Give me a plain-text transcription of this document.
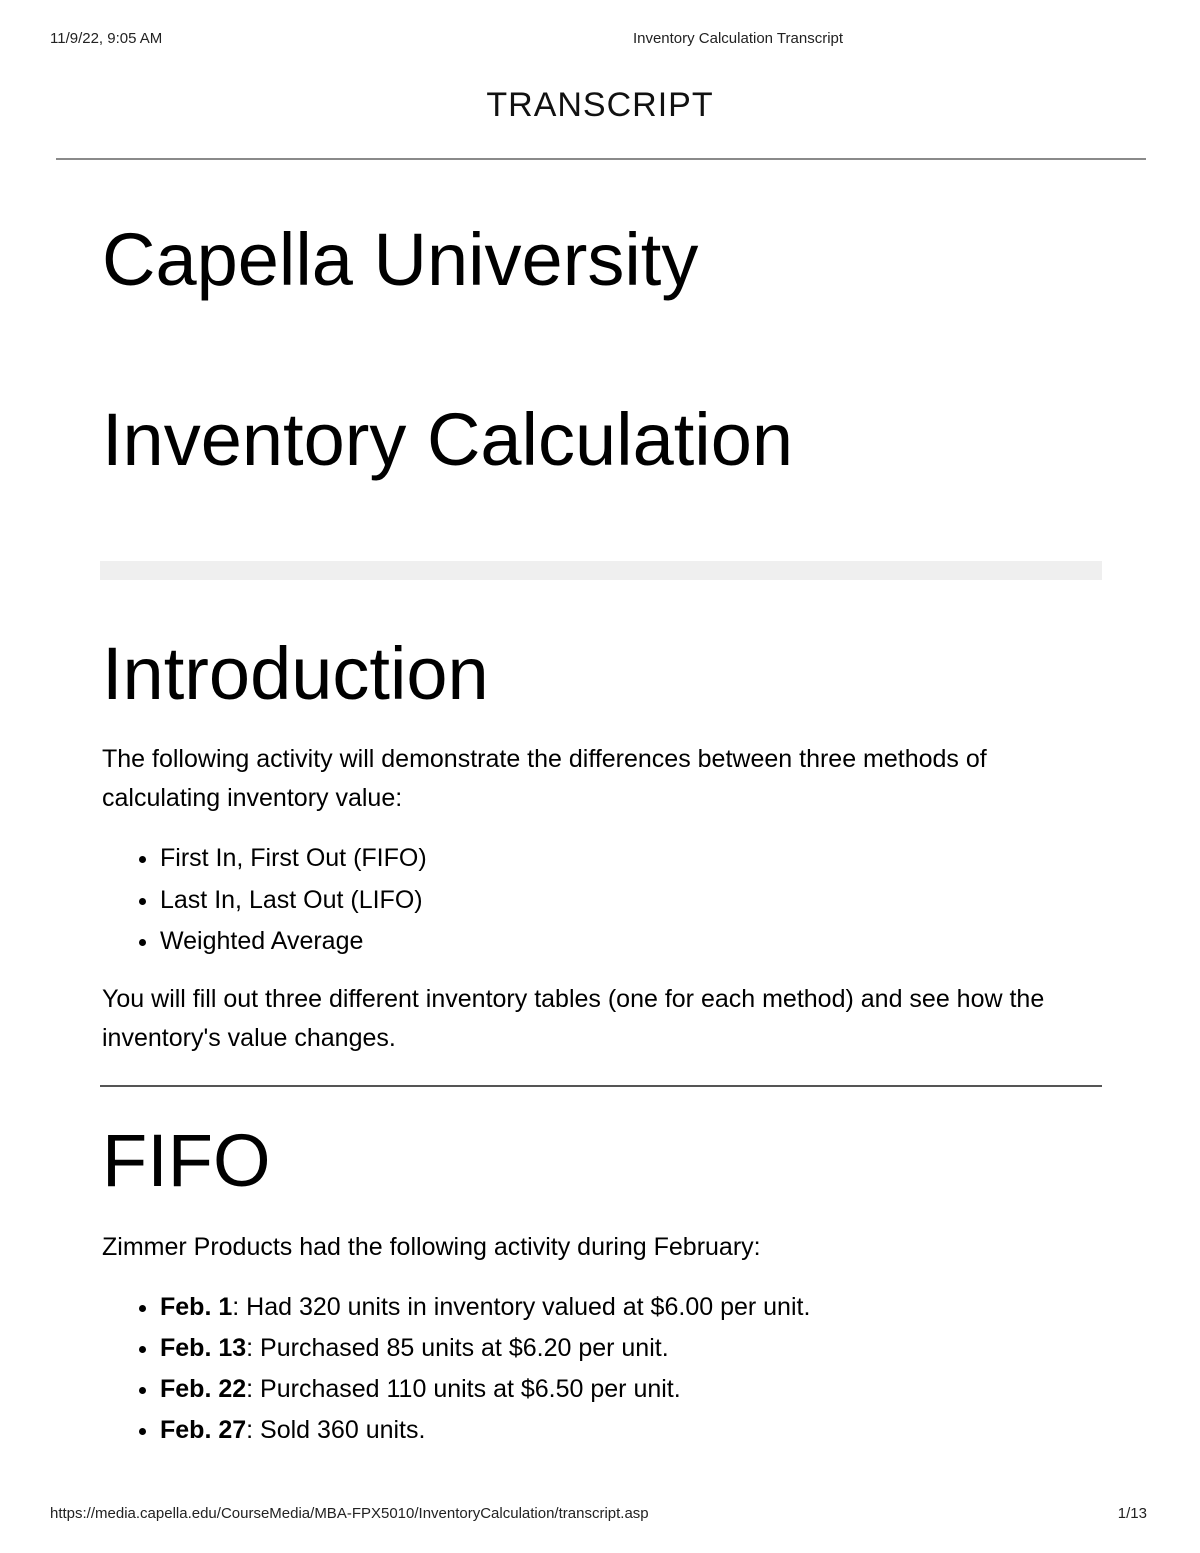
11/9/22, 9:05 AM	Inventory Calculation Transcript
TRANSCRIPT
Capella University
Inventory Calculation
Introduction

The following activity will demonstrate the differences between three methods of calculating inventory value:

• First In, First Out (FIFO)
• Last In, Last Out (LIFO)
• Weighted Average

You will fill out three different inventory tables (one for each method) and see how the inventory's value changes.

FIFO

Zimmer Products had the following activity during February:

• Feb. 1: Had 320 units in inventory valued at $6.00 per unit.
• Feb. 13: Purchased 85 units at $6.20 per unit.
• Feb. 22: Purchased 110 units at $6.50 per unit.
• Feb. 27: Sold 360 units.
https://media.capella.edu/CourseMedia/MBA-FPX5010/InventoryCalculation/transcript.asp	1/13
